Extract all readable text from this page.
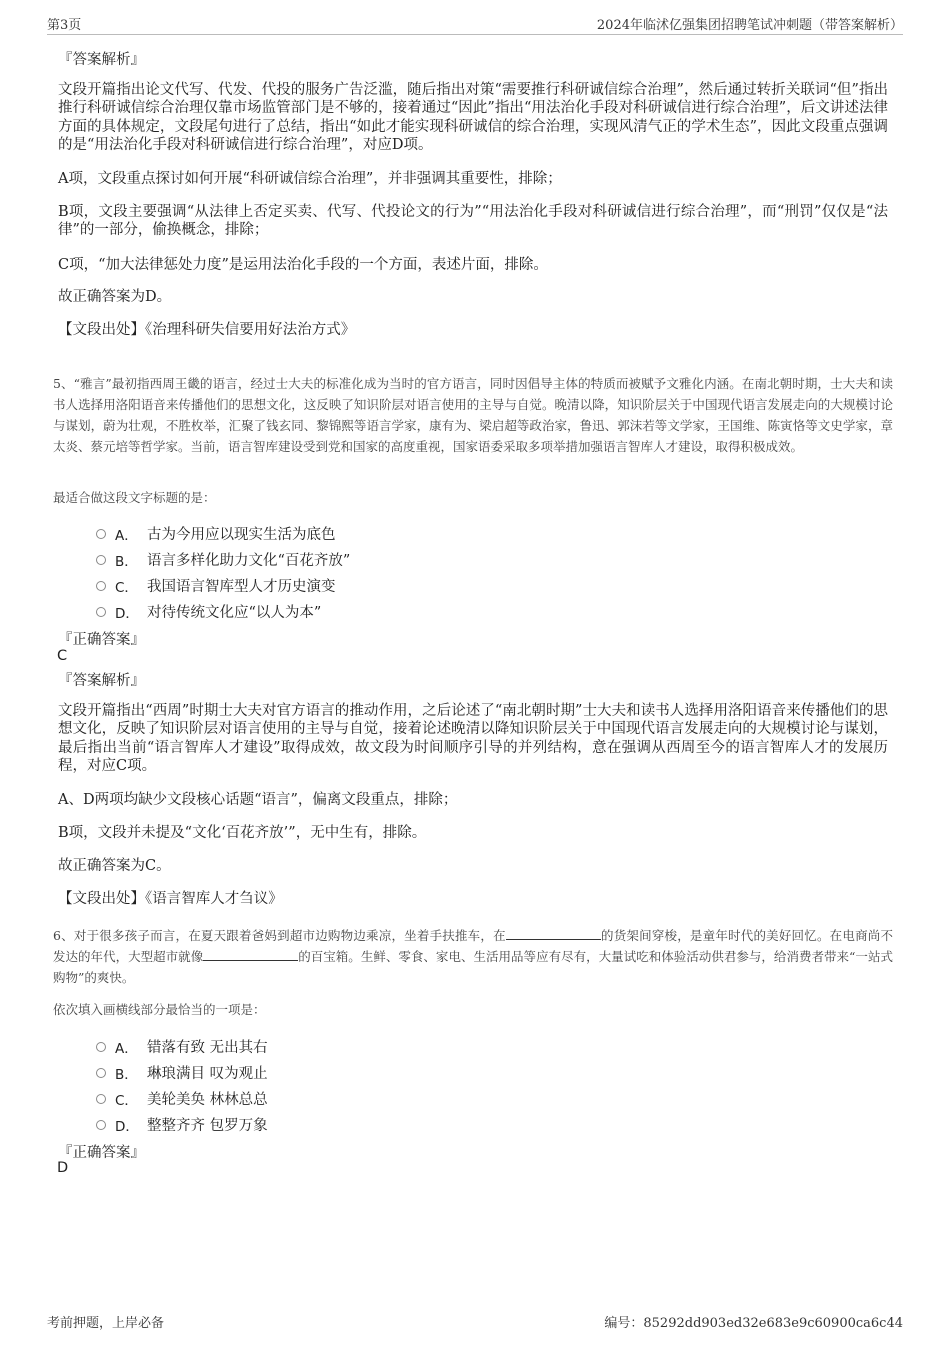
第3页	2024年临沭亿强集团招聘笔试冲刺题（带答案解析）
『答案解析』
文段开篇指出论文代写、代发、代投的服务广告泛滥，随后指出对策“需要推行科研诚信综合治理”，然后通过转折关联词“但”指出推行科研诚信综合治理仅靠市场监管部门是不够的，接着通过“因此”指出“用法治化手段对科研诚信进行综合治理”，后文讲述法律方面的具体规定，文段尾句进行了总结，指出“如此才能实现科研诚信的综合治理，实现风清气正的学术生态”，因此文段重点强调的是“用法治化手段对科研诚信进行综合治理”，对应D项。
A项，文段重点探讨如何开展“科研诚信综合治理”，并非强调其重要性，排除；
B项，文段主要强调“从法律上否定买卖、代写、代投论文的行为”“用法治化手段对科研诚信进行综合治理”，而“刑罚”仅仅是“法律”的一部分，偷换概念，排除；
C项，“加大法律惩处力度”是运用法治化手段的一个方面，表述片面，排除。
故正确答案为D。
【文段出处】《治理科研失信要用好法治方式》
5、“雅言”最初指西周王畿的语言，经过士大夫的标准化成为当时的官方语言，同时因倡导主体的特质而被赋予文雅化内涵。在南北朝时期，士大夫和读书人选择用洛阳语音来传播他们的思想文化，这反映了知识阶层对语言使用的主导与自觉。晚清以降，知识阶层关于中国现代语言发展走向的大规模讨论与谋划，蔚为壮观，不胜枚举，汇聚了钱玄同、黎锦熙等语言学家，康有为、梁启超等政治家，鲁迅、郭沫若等文学家，王国维、陈寅恪等文史学家，章太炎、蔡元培等哲学家。当前，语言智库建设受到党和国家的高度重视，国家语委采取多项举措加强语言智库人才建设，取得积极成效。
最适合做这段文字标题的是：
A． 古为今用应以现实生活为底色
B． 语言多样化助力文化“百花齐放”
C． 我国语言智库型人才历史演变
D． 对待传统文化应“以人为本”
『正确答案』
C
『答案解析』
文段开篇指出“西周”时期士大夫对官方语言的推动作用，之后论述了“南北朝时期”士大夫和读书人选择用洛阳语音来传播他们的思想文化，反映了知识阶层对语言使用的主导与自觉，接着论述晚清以降知识阶层关于中国现代语言发展走向的大规模讨论与谋划，最后指出当前“语言智库人才建设”取得成效，故文段为时间顺序引导的并列结构，意在强调从西周至今的语言智库人才的发展历程，对应C项。
A、D两项均缺少文段核心话题“语言”，偏离文段重点，排除；
B项，文段并未提及“文化‘百花齐放’”，无中生有，排除。
故正确答案为C。
【文段出处】《语言智库人才刍议》
6、对于很多孩子而言，在夏天跟着爸妈到超市边购物边乘凉，坐着手扶推车，在	的货架间穿梭，是童年时代的美好回忆。在电商尚不发达的年代，大型超市就像	的百宝箱。生鲜、零食、家电、生活用品等应有尽有，大量试吃和体验活动供君参与，给消费者带来“一站式购物”的爽快。
依次填入画横线部分最恰当的一项是：
A． 错落有致 无出其右
B． 琳琅满目 叹为观止
C． 美轮美奂 林林总总
D． 整整齐齐 包罗万象
『正确答案』
D
考前押题，上岸必备	编号：85292dd903ed32e683e9c60900ca6c44
